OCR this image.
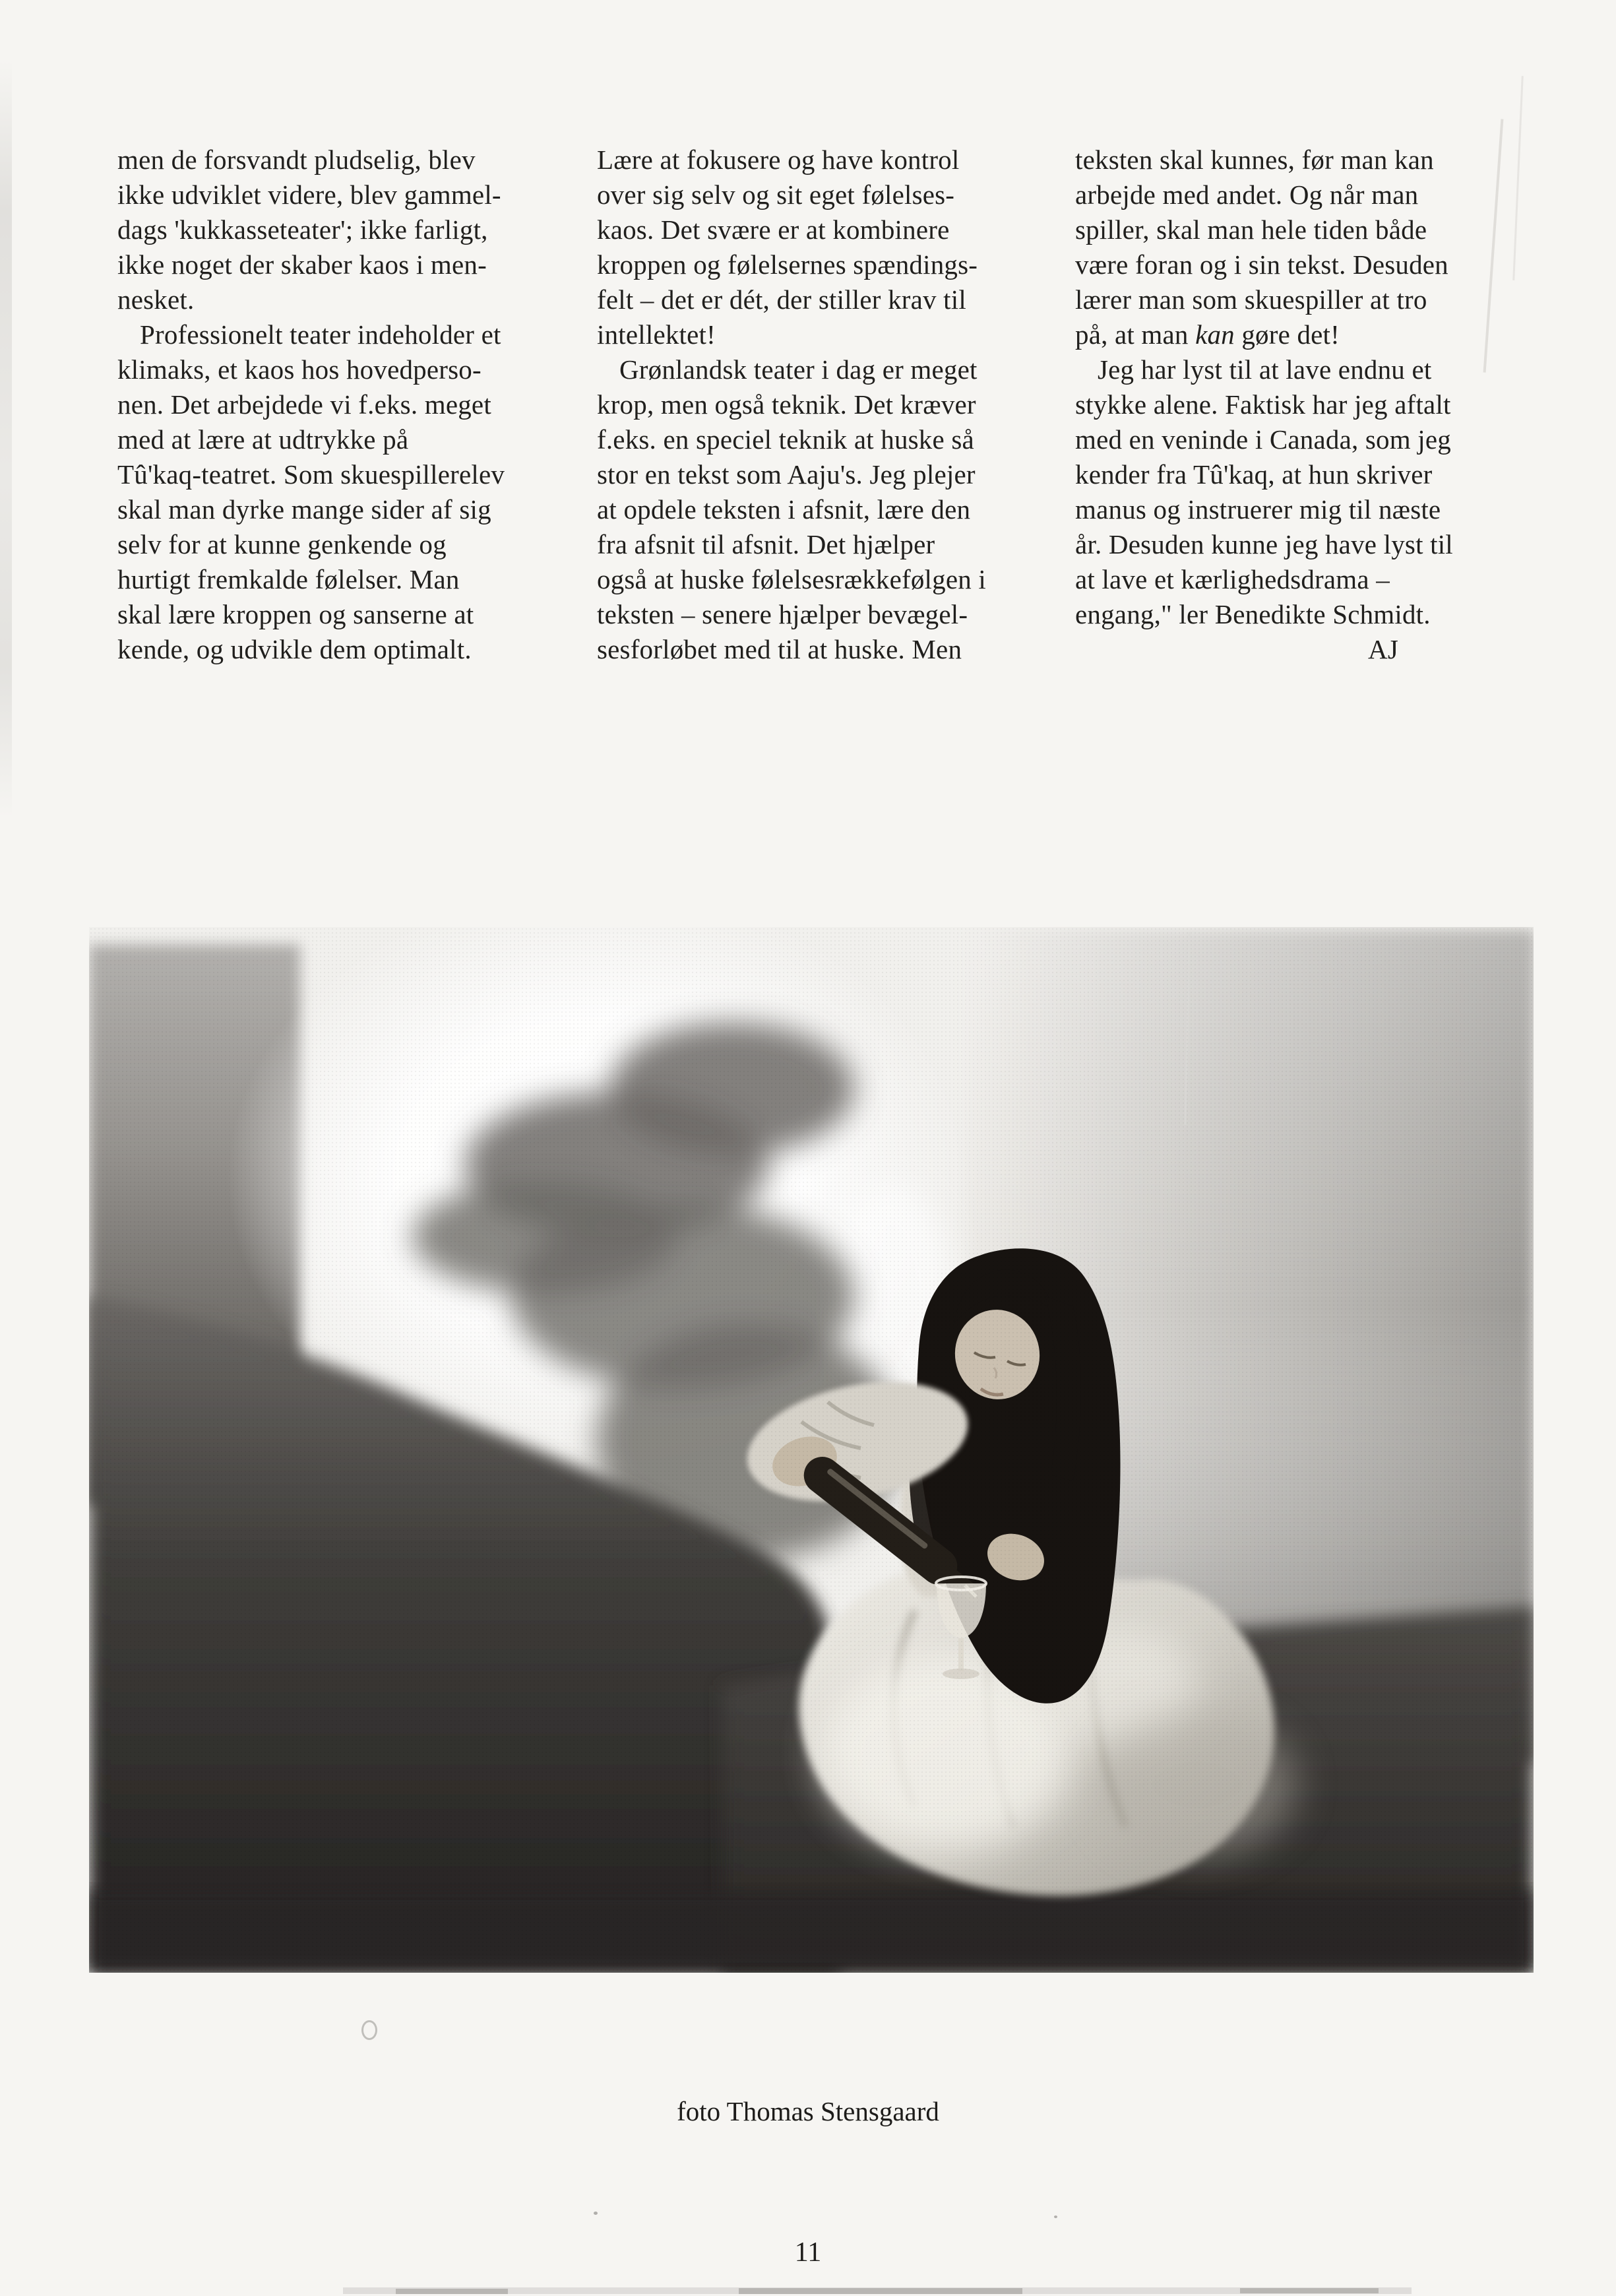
men de forsvandt pludselig, blev
ikke udviklet videre, blev gammel-
dags 'kukkasseteater'; ikke farligt,
ikke noget der skaber kaos i men-
nesket.
Professionelt teater indeholder et
klimaks, et kaos hos hovedperso-
nen. Det arbejdede vi f.eks. meget
med at lære at udtrykke på
Tû'kaq-teatret. Som skuespillerelev
skal man dyrke mange sider af sig
selv for at kunne genkende og
hurtigt fremkalde følelser. Man
skal lære kroppen og sanserne at
kende, og udvikle dem optimalt.
Lære at fokusere og have kontrol
over sig selv og sit eget følelses-
kaos. Det svære er at kombinere
kroppen og følelsernes spændings-
felt – det er dét, der stiller krav til
intellektet!
Grønlandsk teater i dag er meget
krop, men også teknik. Det kræver
f.eks. en speciel teknik at huske så
stor en tekst som Aaju's. Jeg plejer
at opdele teksten i afsnit, lære den
fra afsnit til afsnit. Det hjælper
også at huske følelsesrækkefølgen i
teksten – senere hjælper bevægel-
sesforløbet med til at huske. Men
teksten skal kunnes, før man kan
arbejde med andet. Og når man
spiller, skal man hele tiden både
være foran og i sin tekst. Desuden
lærer man som skuespiller at tro
på, at man kan gøre det!
Jeg har lyst til at lave endnu et
stykke alene. Faktisk har jeg aftalt
med en veninde i Canada, som jeg
kender fra Tû'kaq, at hun skriver
manus og instruerer mig til næste
år. Desuden kunne jeg have lyst til
at lave et kærlighedsdrama –
engang," ler Benedikte Schmidt.
AJ
foto Thomas Stensgaard
11
